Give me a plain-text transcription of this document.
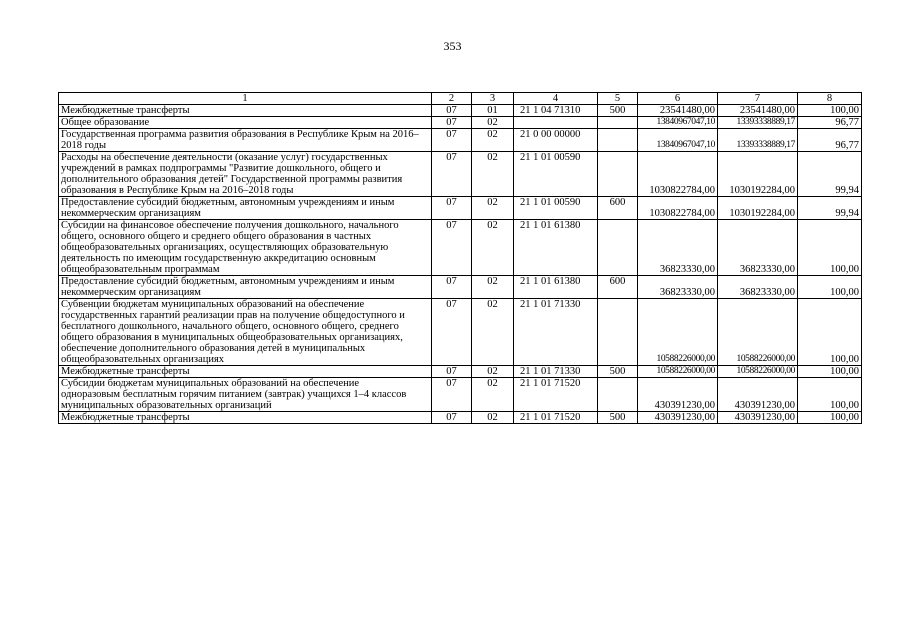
353
1	2	3	4	5	6	7	8
Межбюджетные трансферты	07	01	21 1 04 71310	500	23541480,00	23541480,00	100,00
Общее образование	07	02			13840967047,10	13393338889,17	96,77

Государственная программа развития образования в Республике Крым на 2016–2018 годы	07	02	21 0 00 00000		13840967047,10	13393338889,17	96,77

Расходы на обеспечение деятельности (оказание услуг) государственных учреждений в рамках подпрограммы "Развитие дошкольного, общего и дополнительного образования детей" Государственной программы развития образования в Республике Крым на 2016–2018 годы	07	02	21 1 01 00590		1030822784,00	1030192284,00	99,94

Предоставление субсидий бюджетным, автономным учреждениям и иным некоммерческим организациям	07	02	21 1 01 00590	600	1030822784,00	1030192284,00	99,94

Субсидии на финансовое обеспечение получения дошкольного, начального общего, основного общего и среднего общего образования в частных общеобразовательных организациях, осуществляющих образовательную деятельность по имеющим государственную аккредитацию основным общеобразовательным программам	07	02	21 1 01 61380		36823330,00	36823330,00	100,00

Предоставление субсидий бюджетным, автономным учреждениям и иным некоммерческим организациям	07	02	21 1 01 61380	600	36823330,00	36823330,00	100,00

Субвенции бюджетам муниципальных образований на обеспечение государственных гарантий реализации прав на получение общедоступного и бесплатного дошкольного, начального общего, основного общего, среднего общего образования в муниципальных общеобразовательных организациях, обеспечение дополнительного образования детей в муниципальных общеобразовательных организациях	07	02	21 1 01 71330		10588226000,00	10588226000,00	100,00
Межбюджетные трансферты	07	02	21 1 01 71330	500	10588226000,00	10588226000,00	100,00

Субсидии бюджетам муниципальных образований на обеспечение одноразовым бесплатным горячим питанием (завтрак) учащихся 1–4 классов муниципальных образовательных организаций	07	02	21 1 01 71520		430391230,00	430391230,00	100,00
Межбюджетные трансферты	07	02	21 1 01 71520	500	430391230,00	430391230,00	100,00
